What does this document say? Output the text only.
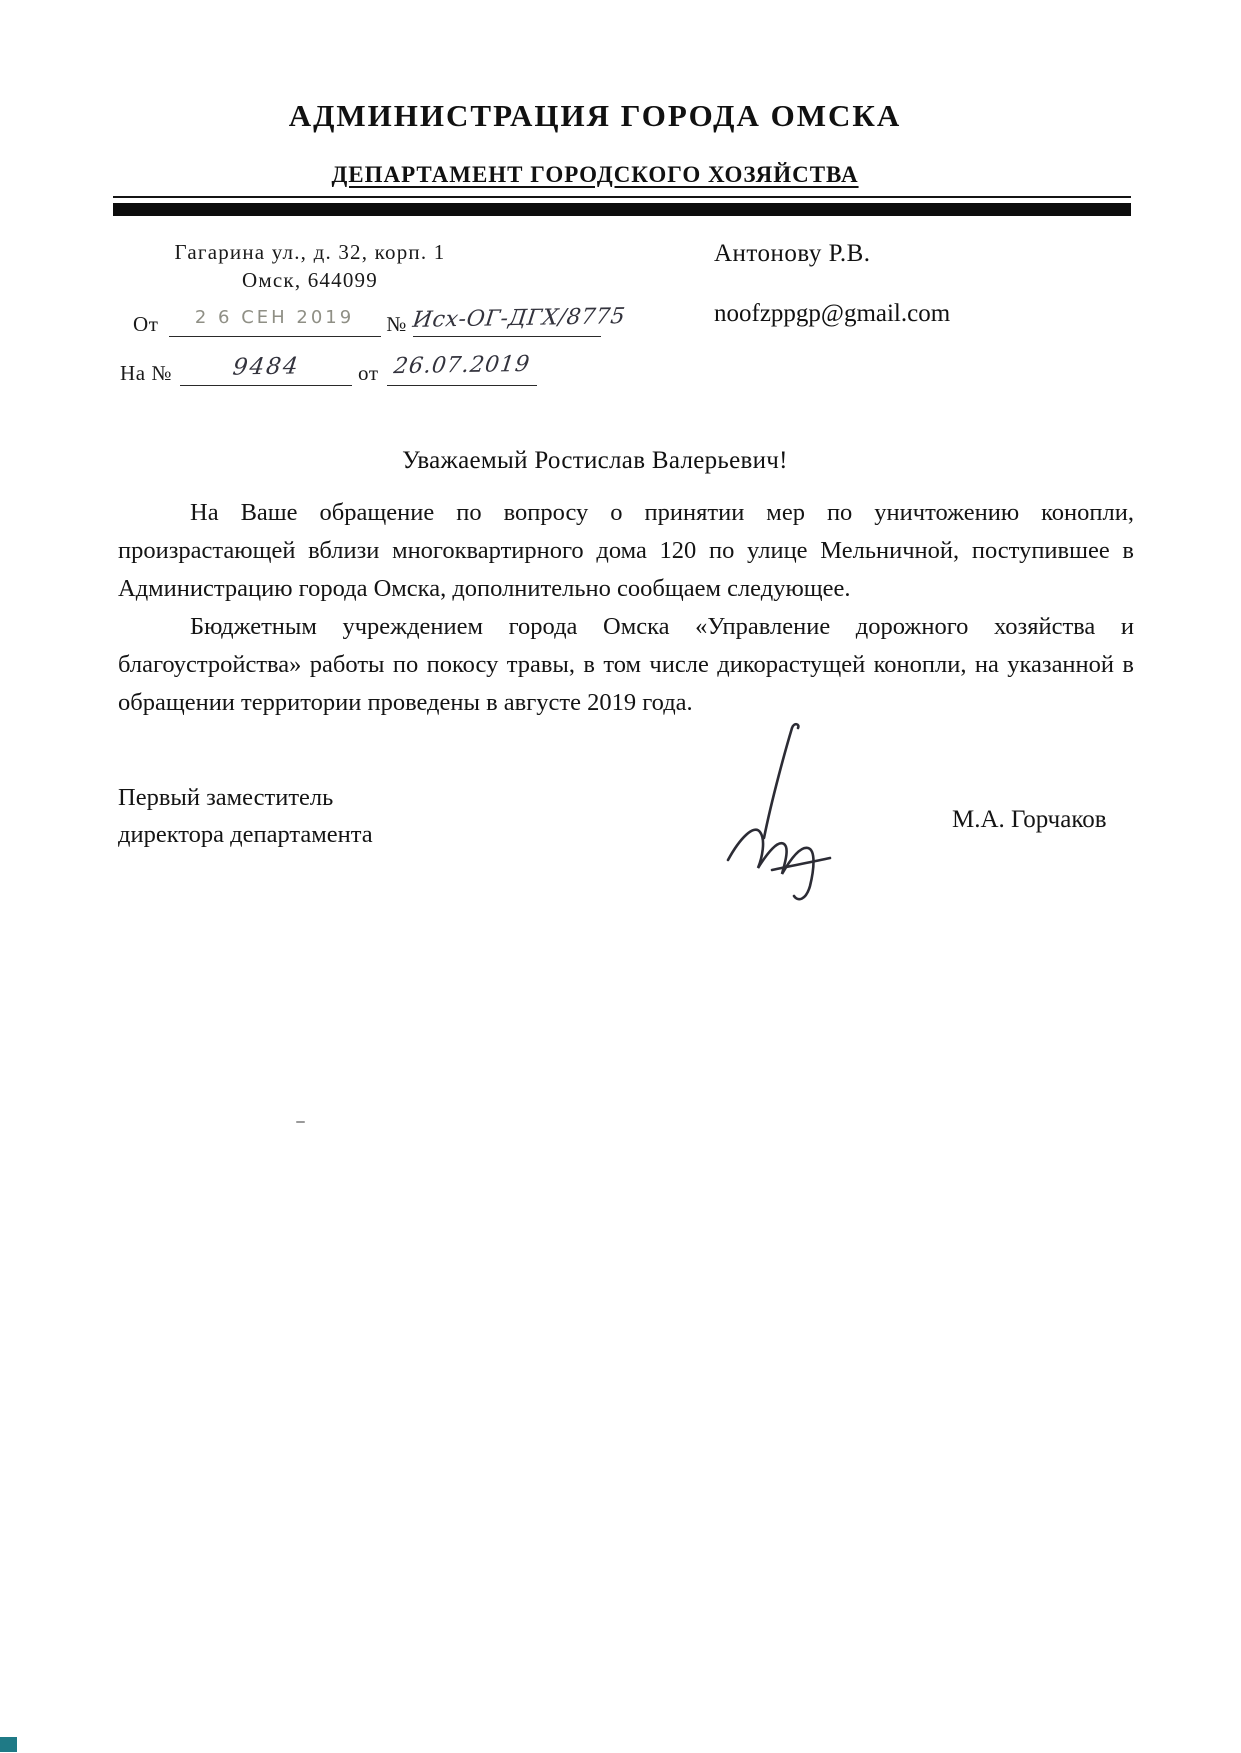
АДМИНИСТРАЦИЯ ГОРОДА ОМСКА
ДЕПАРТАМЕНТ ГОРОДСКОГО ХОЗЯЙСТВА
Гагарина ул., д. 32, корп. 1
Омск, 644099
От 2 6 СЕН 2019 № Исх-ОГ-ДГХ/8775
На №	9484	от 26.07.2019
Антонову Р.В.
noofzppgp@gmail.com
Уважаемый Ростислав Валерьевич!

На Ваше обращение по вопросу о принятии мер по уничтожению конопли, произрастающей вблизи многоквартирного дома 120 по улице Мельничной, поступившее в Администрацию города Омска, дополнительно сообщаем следующее.

Бюджетным учреждением города Омска «Управление дорожного хозяйства и благоустройства» работы по покосу травы, в том числе дикорастущей конопли, на указанной в обращении территории проведены в августе 2019 года.

Первый заместитель
директора департамента
М.А. Горчаков
